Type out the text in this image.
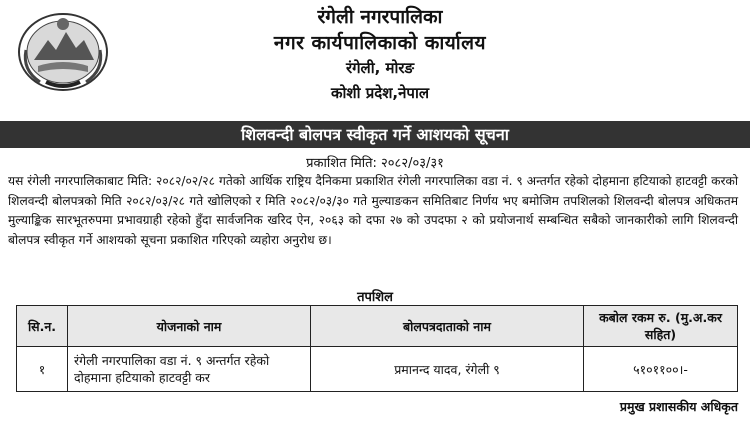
रंगेली नगरपालिका
नगर कार्यपालिकाको कार्यालय
रंगेली, मोरङ
कोशी प्रदेश,नेपाल
शिलवन्दी बोलपत्र स्वीकृत गर्ने आशयको सूचना
प्रकाशित मिति: २०८२/०३/३१
यस रंगेली नगरपालिकाबाट मिति: २०८२/०२/२८ गतेको आर्थिक राष्ट्रिय दैनिकमा प्रकाशित रंगेली नगरपालिका वडा नं. ९ अन्तर्गत रहेको दोहमाना हटियाको हाटवट्टी करको शिलवन्दी बोलपत्रको मिति २०८२/०३/२८ गते खोलिएको र मिति २०८२/०३/३० गते मुल्याङकन समितिबाट निर्णय भए बमोजिम तपशिलको शिलवन्दी बोलपत्र अधिकतम मुल्याङ्किक सारभूतरुपमा प्रभावग्राही रहेको हुँदा सार्वजनिक खरिद ऐन, २०६३ को दफा २७ को उपदफा २ को प्रयोजनार्थ सम्बन्धित सबैको जानकारीको लागि शिलवन्दी बोलपत्र स्वीकृत गर्ने आशयको सूचना प्रकाशित गरिएको व्यहोरा अनुरोध छ।
तपशिल
सि.न.	योजनाको नाम	बोलपत्रदाताको नाम	कबोल रकम रु. (मु.अ.कर सहित)
१	रंगेली नगरपालिका वडा नं. ९ अन्तर्गत रहेको दोहमाना हटियाको हाटवट्टी कर	प्रमानन्द यादव, रंगेली ९	५१०११००।-
प्रमुख प्रशासकीय अधिकृत
